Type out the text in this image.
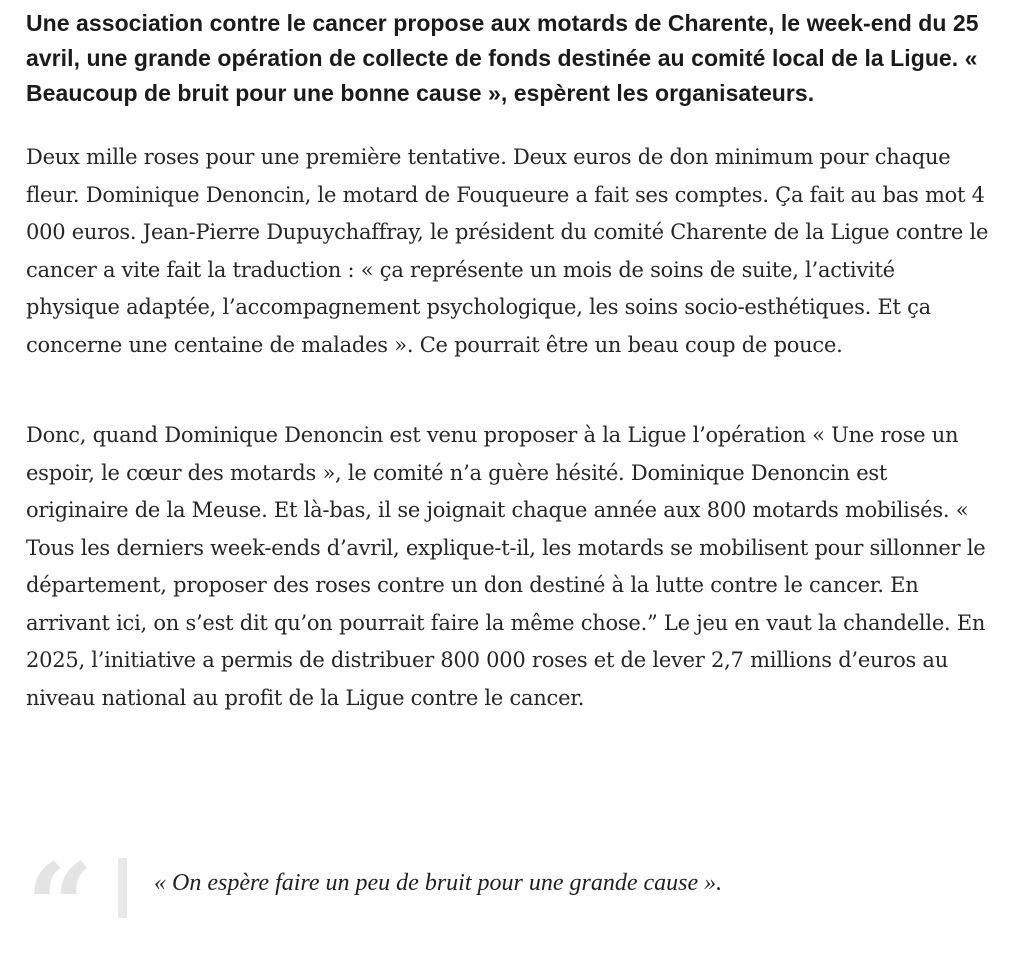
Une association contre le cancer propose aux motards de Charente, le week-end du 25 avril, une grande opération de collecte de fonds destinée au comité local de la Ligue. « Beaucoup de bruit pour une bonne cause », espèrent les organisateurs.

Deux mille roses pour une première tentative. Deux euros de don minimum pour chaque fleur. Dominique Denoncin, le motard de Fouqueure a fait ses comptes. Ça fait au bas mot 4 000 euros. Jean-Pierre Dupuychaffray, le président du comité Charente de la Ligue contre le cancer a vite fait la traduction : « ça représente un mois de soins de suite, l’activité physique adaptée, l’accompagnement psychologique, les soins socio-esthétiques. Et ça concerne une centaine de malades ». Ce pourrait être un beau coup de pouce.

Donc, quand Dominique Denoncin est venu proposer à la Ligue l’opération « Une rose un espoir, le cœur des motards », le comité n’a guère hésité. Dominique Denoncin est originaire de la Meuse. Et là-bas, il se joignait chaque année aux 800 motards mobilisés. « Tous les derniers week-ends d’avril, explique-t-il, les motards se mobilisent pour sillonner le département, proposer des roses contre un don destiné à la lutte contre le cancer. En arrivant ici, on s’est dit qu’on pourrait faire la même chose.” Le jeu en vaut la chandelle. En 2025, l’initiative a permis de distribuer 800 000 roses et de lever 2,7 millions d’euros au niveau national au profit de la Ligue contre le cancer.

“	« On espère faire un peu de bruit pour une grande cause ».
